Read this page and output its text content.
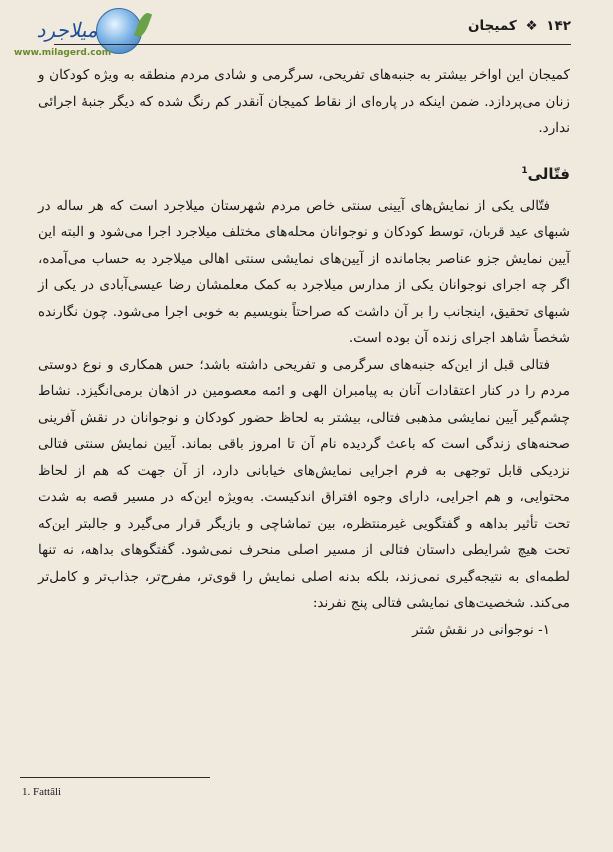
میلاجرد
www.milagerd.com
۱۴۲ ❖ کمیجان

کمیجان این اواخر بیشتر به جنبه‌های تفریحی، سرگرمی و شادی مردم منطقه به ویژه کودکان و زنان می‌پردازد. ضمن اینکه در پاره‌ای از نقاط کمیجان آنقدر کم رنگ شده که دیگر جنبهٔ اجرائی ندارد.

فتّالی$^1$

فتّالی یکی از نمایش‌های آیینی سنتی خاص مردم شهرستان میلاجرد است که هر ساله در شبهای عید قربان، توسط کودکان و نوجوانان محله‌های مختلف میلاجرد اجرا می‌شود و البته این آیین نمایش جزو عناصر بجامانده از آیین‌های نمایشی سنتی اهالی میلاجرد به حساب می‌آمده، اگر چه اجرای نوجوانان یکی از مدارس میلاجرد به کمک معلمشان رضا عیسی‌آبادی در یکی از شبهای تحقیق، اینجانب را بر آن داشت که صراحتاً بنویسیم به خوبی اجرا می‌شود. چون نگارنده شخصاً شاهد اجرای زنده آن بوده است.

فتالی قبل از این‌که جنبه‌های سرگرمی و تفریحی داشته باشد؛ حس همکاری و نوع دوستی مردم را در کنار اعتقادات آنان به پیامبران الهی و ائمه معصومین در اذهان برمی‌انگیزد. نشاط چشم‌گیر آیین نمایشی مذهبی فتالی، بیشتر به لحاظ حضور کودکان و نوجوانان در نقش آفرینی صحنه‌های زندگی است که باعث گردیده نام آن تا امروز باقی بماند. آیین نمایش سنتی فتالی نزدیکی قابل توجهی به فرم اجرایی نمایش‌های خیابانی دارد، از آن جهت که هم از لحاظ محتوایی، و هم اجرایی، دارای وجوه افتراق اندکیست. به‌ویژه این‌که در مسیر قصه به شدت تحت تأثیر بداهه و گفتگویی غیرمنتظره، بین تماشاچی و بازیگر قرار می‌گیرد و جالبتر این‌که تحت هیچ شرایطی داستان فتالی از مسیر اصلی منحرف نمی‌شود. گفتگوهای بداهه، نه تنها لطمه‌ای به نتیجه‌گیری نمی‌زند، بلکه بدنه اصلی نمایش را قوی‌تر، مفرح‌تر، جذاب‌تر و کامل‌تر می‌کند. شخصیت‌های نمایشی فتالی پنج نفرند:

۱- نوجوانی در نقش شتر

1. Fattâli
